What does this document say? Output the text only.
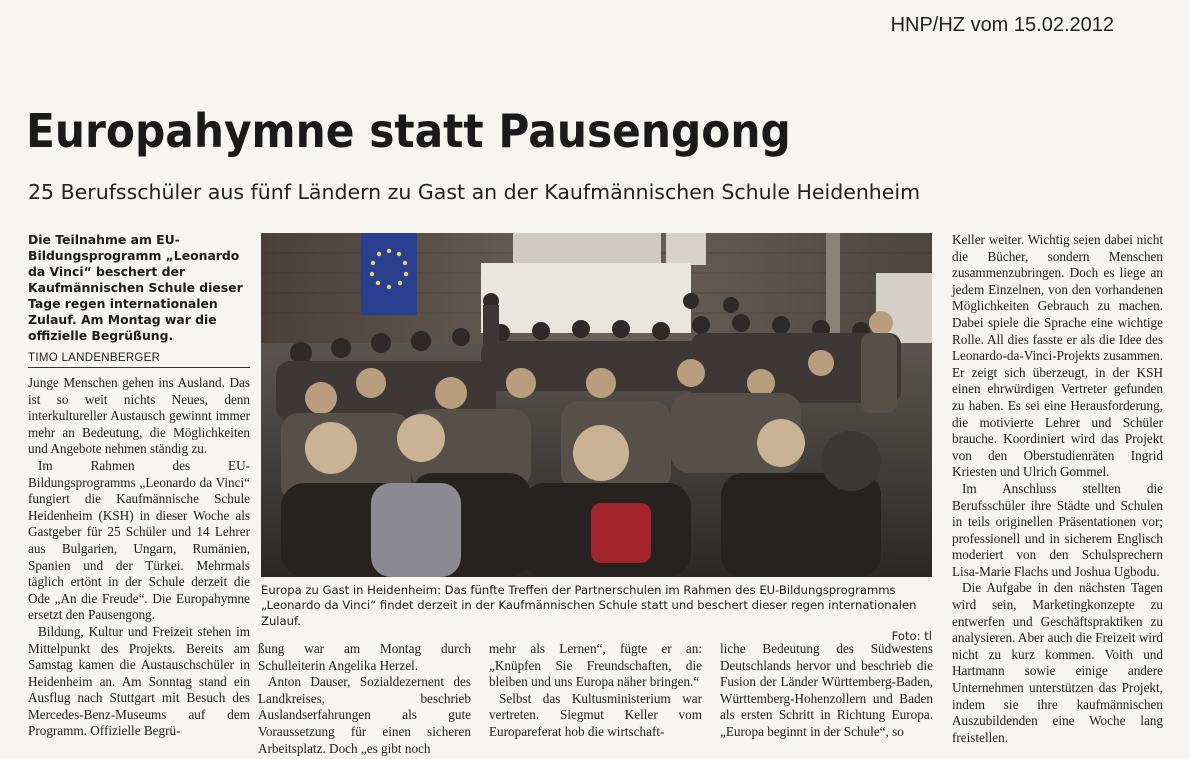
HNP/HZ vom 15.02.2012
Europahymne statt Pausengong
25 Berufsschüler aus fünf Ländern zu Gast an der Kaufmännischen Schule Heidenheim
Die Teilnahme am EU-Bildungsprogramm „Leonardo da Vinci“ beschert der Kaufmännischen Schule dieser Tage regen internationalen Zulauf. Am Montag war die offizielle Begrüßung.
TIMO LANDENBERGER

Junge Menschen gehen ins Ausland. Das ist so weit nichts Neues, denn interkultureller Austausch gewinnt immer mehr an Bedeutung, die Möglichkeiten und Angebote nehmen ständig zu.

Im Rahmen des EU-Bildungsprogramms „Leonardo da Vinci“ fungiert die Kaufmännische Schule Heidenheim (KSH) in dieser Woche als Gastgeber für 25 Schüler und 14 Lehrer aus Bulgarien, Ungarn, Rumänien, Spanien und der Türkei. Mehrmals täglich ertönt in der Schule derzeit die Ode „An die Freude“. Die Europahymne ersetzt den Pausengong.

Bildung, Kultur und Freizeit stehen im Mittelpunkt des Projekts. Bereits am Samstag kamen die Austauschschüler in Heidenheim an. Am Sonntag stand ein Ausflug nach Stuttgart mit Besuch des Mercedes-Benz-Museums auf dem Programm. Offizielle Begrü-

Europa zu Gast in Heidenheim: Das fünfte Treffen der Partnerschulen im Rahmen des EU-Bildungsprogramms „Leonardo da Vinci“ findet derzeit in der Kaufmännischen Schule statt und beschert dieser regen internationalen Zulauf.
Foto: tl

ßung war am Montag durch Schulleiterin Angelika Herzel.

Anton Dauser, Sozialdezernent des Landkreises, beschrieb Auslandserfahrungen als gute Voraussetzung für einen sicheren Arbeitsplatz. Doch „es gibt noch

mehr als Lernen“, fügte er an: „Knüpfen Sie Freundschaften, die bleiben und uns Europa näher bringen.“

Selbst das Kultusministerium war vertreten. Siegmut Keller vom Europareferat hob die wirtschaft-

liche Bedeutung des Südwestens Deutschlands hervor und beschrieb die Fusion der Länder Württemberg-Baden, Württemberg-Hohenzollern und Baden als ersten Schritt in Richtung Europa. „Europa beginnt in der Schule“, so

Keller weiter. Wichtig seien dabei nicht die Bücher, sondern Menschen zusammenzubringen. Doch es liege an jedem Einzelnen, von den vorhandenen Möglichkeiten Gebrauch zu machen. Dabei spiele die Sprache eine wichtige Rolle. All dies fasste er als die Idee des Leonardo-da-Vinci-Projekts zusammen. Er zeigt sich überzeugt, in der KSH einen ehrwürdigen Vertreter gefunden zu haben. Es sei eine Herausforderung, die motivierte Lehrer und Schüler brauche. Koordiniert wird das Projekt von den Oberstudienräten Ingrid Kriesten und Ulrich Gommel.

Im Anschluss stellten die Berufsschüler ihre Städte und Schulen in teils originellen Präsentationen vor; professionell und in sicherem Englisch moderiert von den Schulsprechern Lisa-Marie Flachs und Joshua Ugbodu.

Die Aufgabe in den nächsten Tagen wird sein, Marketingkonzepte zu entwerfen und Geschäftspraktiken zu analysieren. Aber auch die Freizeit wird nicht zu kurz kommen. Voith und Hartmann sowie einige andere Unternehmen unterstützen das Projekt, indem sie ihre kaufmännischen Auszubildenden eine Woche lang freistellen.
